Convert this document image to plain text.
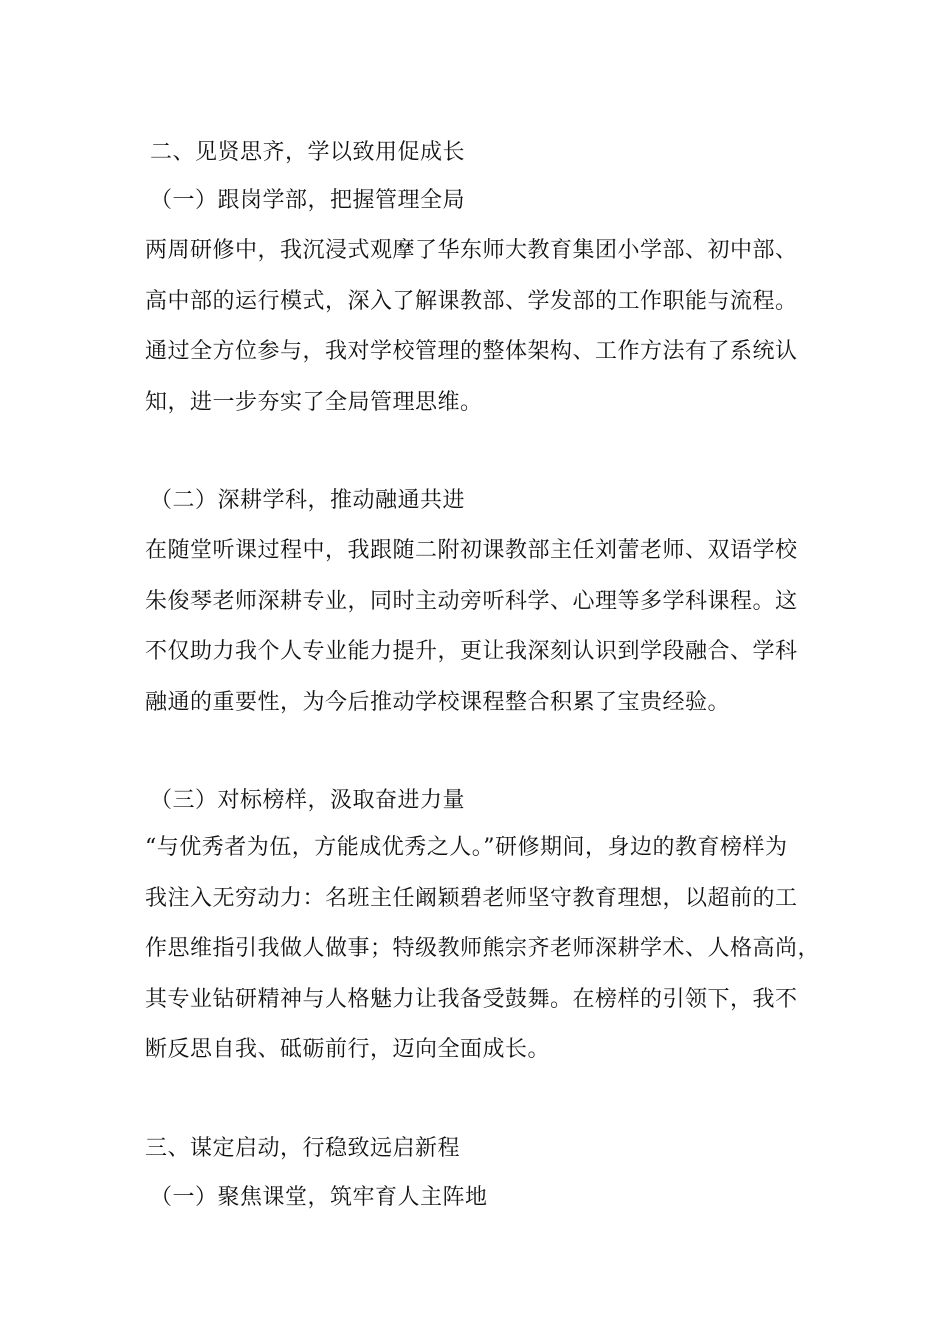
二、见贤思齐，学以致用促成长
（一）跟岗学部，把握管理全局
两周研修中，我沉浸式观摩了华东师大教育集团小学部、初中部、
高中部的运行模式，深入了解课教部、学发部的工作职能与流程。
通过全方位参与，我对学校管理的整体架构、工作方法有了系统认
知，进一步夯实了全局管理思维。
（二）深耕学科，推动融通共进
在随堂听课过程中，我跟随二附初课教部主任刘蕾老师、双语学校
朱俊琴老师深耕专业，同时主动旁听科学、心理等多学科课程。这
不仅助力我个人专业能力提升，更让我深刻认识到学段融合、学科
融通的重要性，为今后推动学校课程整合积累了宝贵经验。
（三）对标榜样，汲取奋进力量
“与优秀者为伍，方能成优秀之人。”研修期间，身边的教育榜样为
我注入无穷动力：名班主任阚颖碧老师坚守教育理想，以超前的工
作思维指引我做人做事；特级教师熊宗齐老师深耕学术、人格高尚，
其专业钻研精神与人格魅力让我备受鼓舞。在榜样的引领下，我不
断反思自我、砥砺前行，迈向全面成长。
三、谋定启动，行稳致远启新程
（一）聚焦课堂，筑牢育人主阵地
